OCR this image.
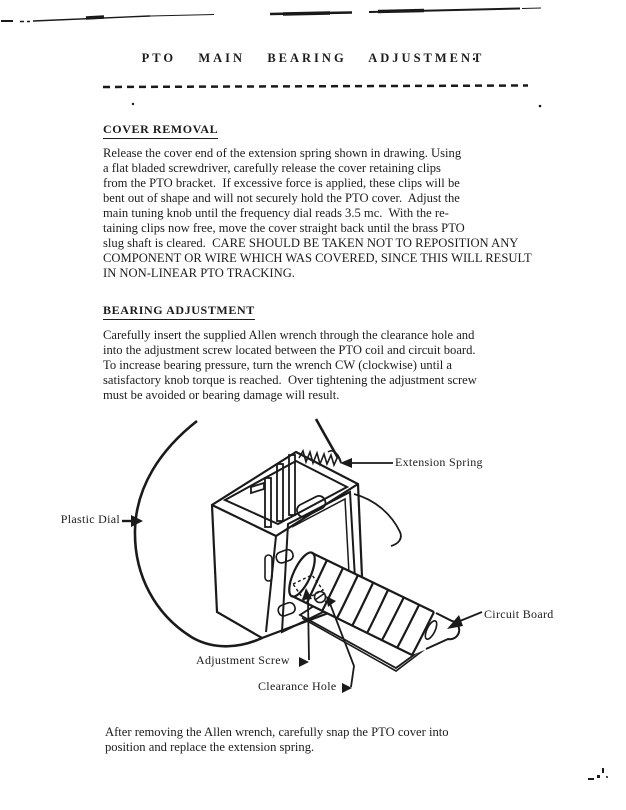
PTO  MAIN  BEARING  ADJUSTMENT
COVER REMOVAL
Release the cover end of the extension spring shown in drawing. Using
a flat bladed screwdriver, carefully release the cover retaining clips
from the PTO bracket.  If excessive force is applied, these clips will be
bent out of shape and will not securely hold the PTO cover.  Adjust the
main tuning knob until the frequency dial reads 3.5 mc.  With the re-
taining clips now free, move the cover straight back until the brass PTO
slug shaft is cleared.  CARE SHOULD BE TAKEN NOT TO REPOSITION ANY
COMPONENT OR WIRE WHICH WAS COVERED, SINCE THIS WILL RESULT
IN NON-LINEAR PTO TRACKING.
BEARING ADJUSTMENT
Carefully insert the supplied Allen wrench through the clearance hole and
into the adjustment screw located between the PTO coil and circuit board.
To increase bearing pressure, turn the wrench CW (clockwise) until a
satisfactory knob torque is reached.  Over tightening the adjustment screw
must be avoided or bearing damage will result.
After removing the Allen wrench, carefully snap the PTO cover into
position and replace the extension spring.
Extension Spring
Plastic Dial
Circuit Board
Adjustment Screw
Clearance Hole
